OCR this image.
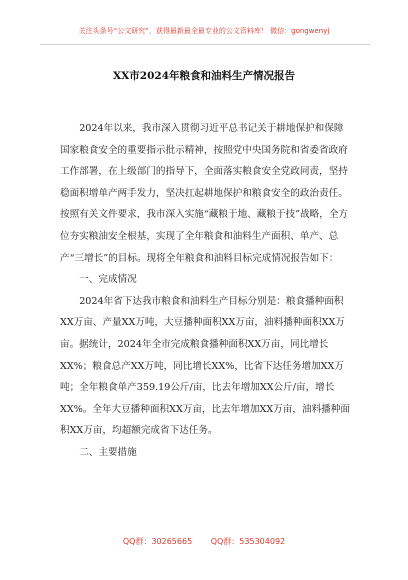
关注头条号“公文研究”，获得最新最全最专业的公文资料库！ 微信：gongwenyj
XX市2024年粮食和油料生产情况报告

2024年以来，我市深入贯彻习近平总书记关于耕地保护和保障国家粮食安全的重要指示批示精神，按照党中央国务院和省委省政府工作部署，在上级部门的指导下，全面落实粮食安全党政同责，坚持稳面积增单产两手发力，坚决扛起耕地保护和粮食安全的政治责任。按照有关文件要求，我市深入实施“藏粮于地、藏粮于技”战略，全方位夯实粮油安全根基，实现了全年粮食和油料生产面积、单产、总产“三增长”的目标。现将全年粮食和油料目标完成情况报告如下：

一、完成情况

2024年省下达我市粮食和油料生产目标分别是：粮食播种面积XX万亩、产量XX万吨，大豆播种面积XX万亩，油料播种面积XX万亩。据统计，2024年全市完成粮食播种面积XX万亩，同比增长XX%；粮食总产XX万吨，同比增长XX%，比省下达任务增加XX万吨；全年粮食单产359.19公斤/亩，比去年增加XX公斤/亩，增长XX%。全年大豆播种面积XX万亩，比去年增加XX万亩，油料播种面积XX万亩，均超额完成省下达任务。

二、主要措施

QQ群：30265665 QQ群：535304092
